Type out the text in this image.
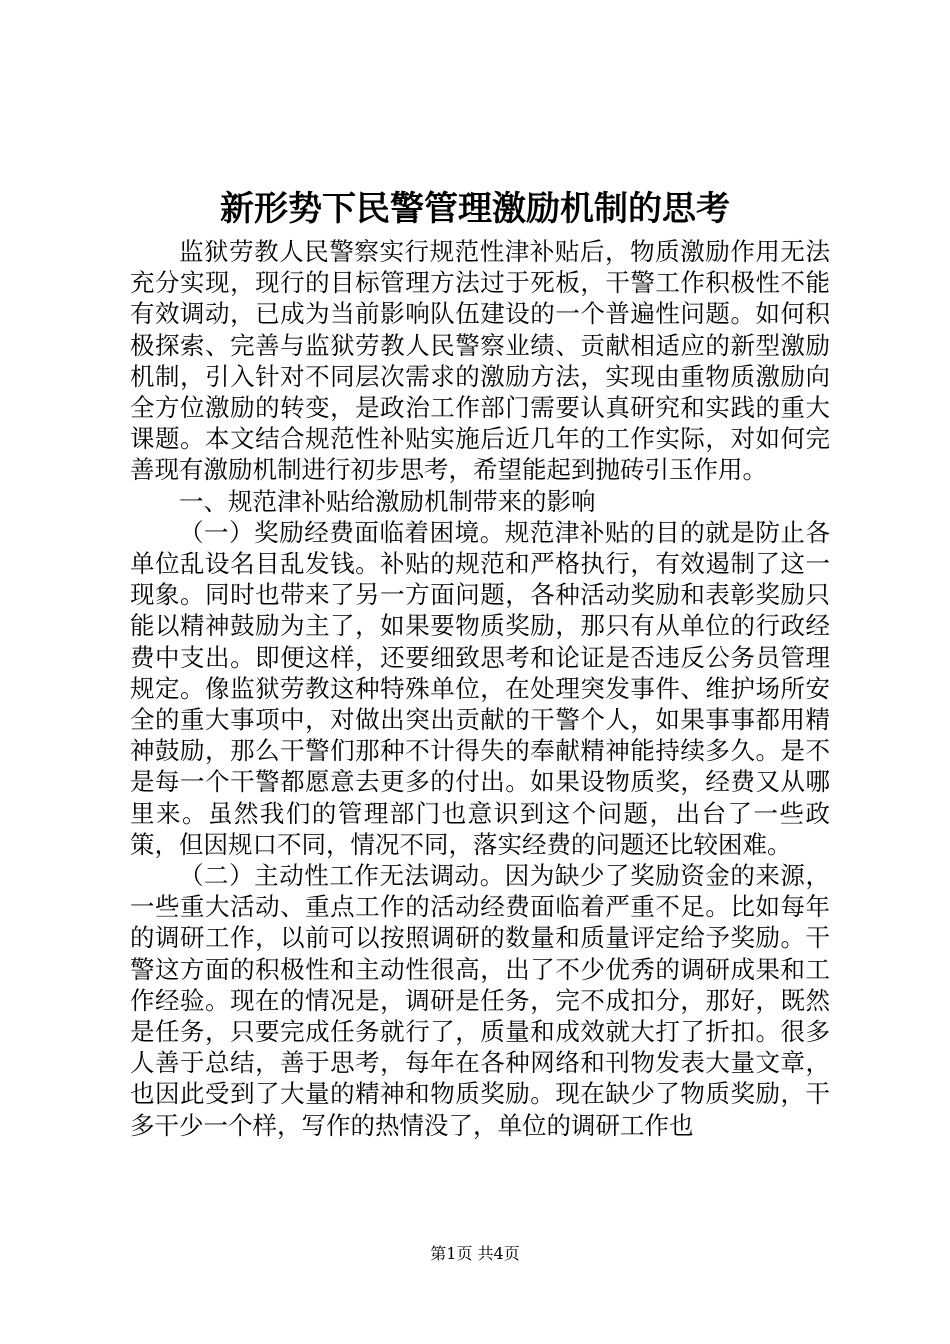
新形势下民警管理激励机制的思考

监狱劳教人民警察实行规范性津补贴后，物质激励作用无法充分实现，现行的目标管理方法过于死板，干警工作积极性不能有效调动，已成为当前影响队伍建设的一个普遍性问题。如何积极探索、完善与监狱劳教人民警察业绩、贡献相适应的新型激励机制，引入针对不同层次需求的激励方法，实现由重物质激励向全方位激励的转变，是政治工作部门需要认真研究和实践的重大课题。本文结合规范性补贴实施后近几年的工作实际，对如何完善现有激励机制进行初步思考，希望能起到抛砖引玉作用。

一、规范津补贴给激励机制带来的影响

（一）奖励经费面临着困境。规范津补贴的目的就是防止各单位乱设名目乱发钱。补贴的规范和严格执行，有效遏制了这一现象。同时也带来了另一方面问题，各种活动奖励和表彰奖励只能以精神鼓励为主了，如果要物质奖励，那只有从单位的行政经费中支出。即便这样，还要细致思考和论证是否违反公务员管理规定。像监狱劳教这种特殊单位，在处理突发事件、维护场所安全的重大事项中，对做出突出贡献的干警个人，如果事事都用精神鼓励，那么干警们那种不计得失的奉献精神能持续多久。是不是每一个干警都愿意去更多的付出。如果设物质奖，经费又从哪里来。虽然我们的管理部门也意识到这个问题，出台了一些政策，但因规口不同，情况不同，落实经费的问题还比较困难。

（二）主动性工作无法调动。因为缺少了奖励资金的来源，一些重大活动、重点工作的活动经费面临着严重不足。比如每年的调研工作，以前可以按照调研的数量和质量评定给予奖励。干警这方面的积极性和主动性很高，出了不少优秀的调研成果和工作经验。现在的情况是，调研是任务，完不成扣分，那好，既然是任务，只要完成任务就行了，质量和成效就大打了折扣。很多人善于总结，善于思考，每年在各种网络和刊物发表大量文章，也因此受到了大量的精神和物质奖励。现在缺少了物质奖励，干多干少一个样，写作的热情没了，单位的调研工作也

第1页 共4页
